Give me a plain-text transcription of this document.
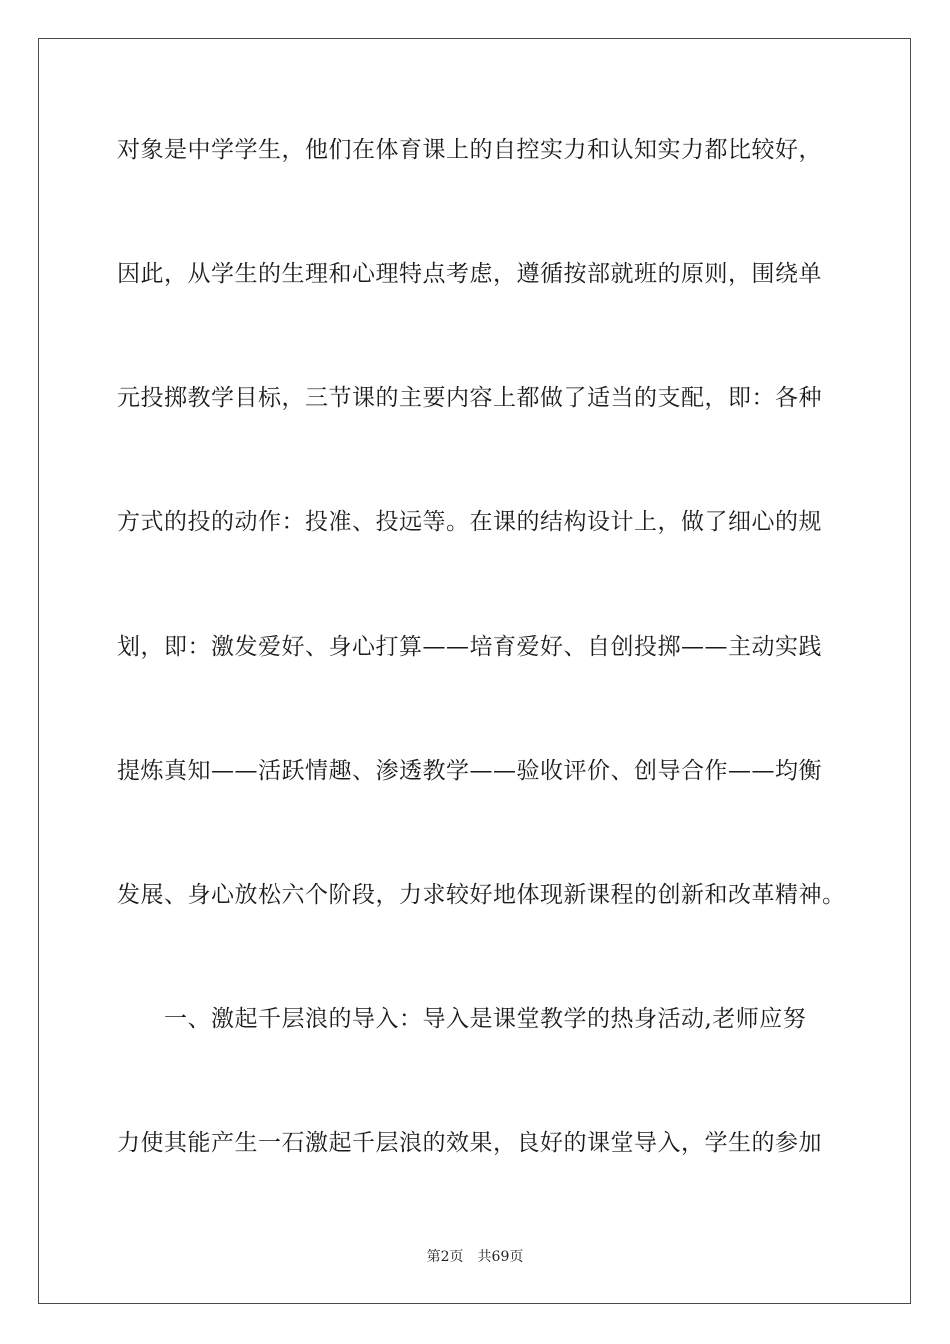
对象是中学学生，他们在体育课上的自控实力和认知实力都比较好，
因此，从学生的生理和心理特点考虑，遵循按部就班的原则，围绕单
元投掷教学目标，三节课的主要内容上都做了适当的支配，即：各种
方式的投的动作：投准、投远等。在课的结构设计上，做了细心的规
划，即：激发爱好、身心打算——培育爱好、自创投掷——主动实践
提炼真知——活跃情趣、渗透教学——验收评价、创导合作——均衡
发展、身心放松六个阶段，力求较好地体现新课程的创新和改革精神。
　　一、激起千层浪的导入：导入是课堂教学的热身活动,老师应努
力使其能产生一石激起千层浪的效果，良好的课堂导入，学生的参加
第2页 共69页
